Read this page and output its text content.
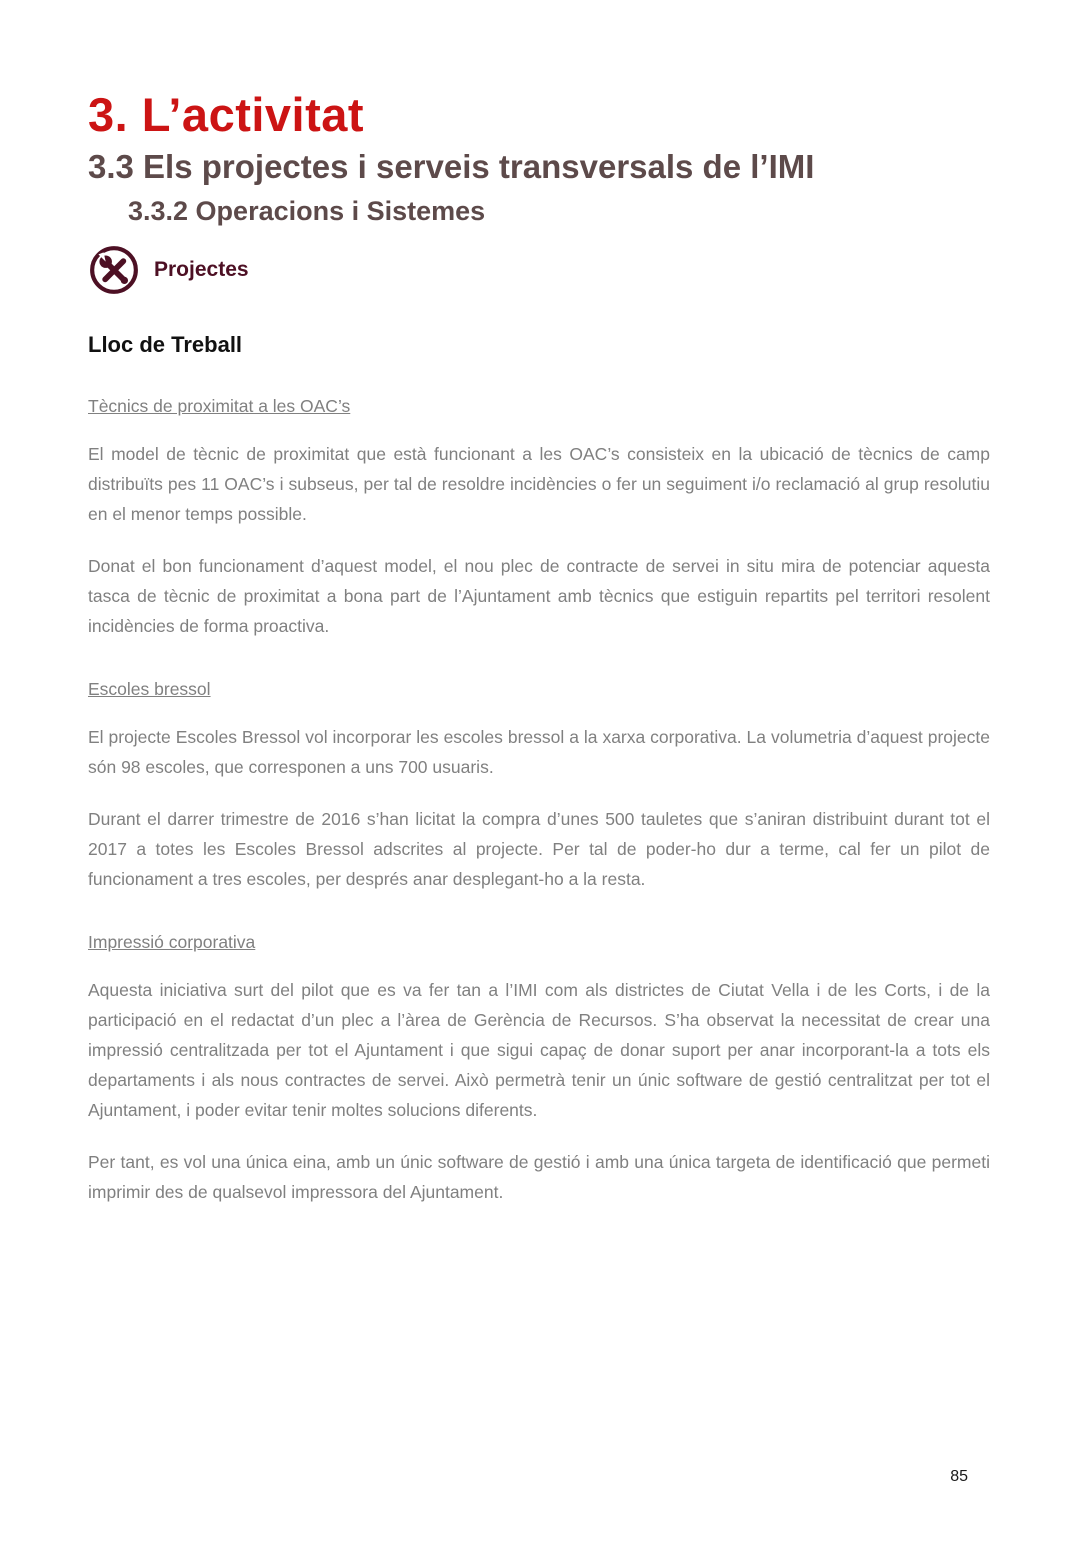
3. L’activitat
3.3 Els projectes i serveis transversals de l’IMI
3.3.2 Operacions i Sistemes
Projectes
Lloc de Treball
Tècnics de proximitat a les OAC’s

El model de tècnic de proximitat que està funcionant a les OAC’s consisteix en la ubicació de tècnics de camp distribuïts pes 11 OAC’s i subseus, per tal de resoldre incidències o fer un seguiment i/o reclamació al grup resolutiu en el menor temps possible.

Donat el bon funcionament d’aquest model, el nou plec de contracte de servei in situ mira de potenciar aquesta tasca de tècnic de proximitat a bona part de l’Ajuntament amb tècnics que estiguin repartits pel territori resolent incidències de forma proactiva.

Escoles bressol

El projecte Escoles Bressol vol incorporar les escoles bressol a la xarxa corporativa. La volumetria d’aquest projecte són 98 escoles, que corresponen a uns 700 usuaris.

Durant el darrer trimestre de 2016 s’han licitat la compra d’unes 500 tauletes que s’aniran distribuint durant tot el 2017 a totes les Escoles Bressol adscrites al projecte. Per tal de poder-ho dur a terme, cal fer un pilot de funcionament a tres escoles, per després anar desplegant-ho a la resta.

Impressió corporativa

Aquesta iniciativa surt del pilot que es va fer tan a l’IMI com als districtes de Ciutat Vella i de les Corts, i de la participació en el redactat d’un plec a l’àrea de Gerència de Recursos. S’ha observat la necessitat de crear una impressió centralitzada per tot el Ajuntament i que sigui capaç de donar suport per anar incorporant-la a tots els departaments i als nous contractes de servei. Això permetrà tenir un únic software de gestió centralitzat per tot el Ajuntament, i poder evitar tenir moltes solucions diferents.

Per tant, es vol una única eina, amb un únic software de gestió i amb una única targeta de identificació que permeti imprimir des de qualsevol impressora del Ajuntament.

85
